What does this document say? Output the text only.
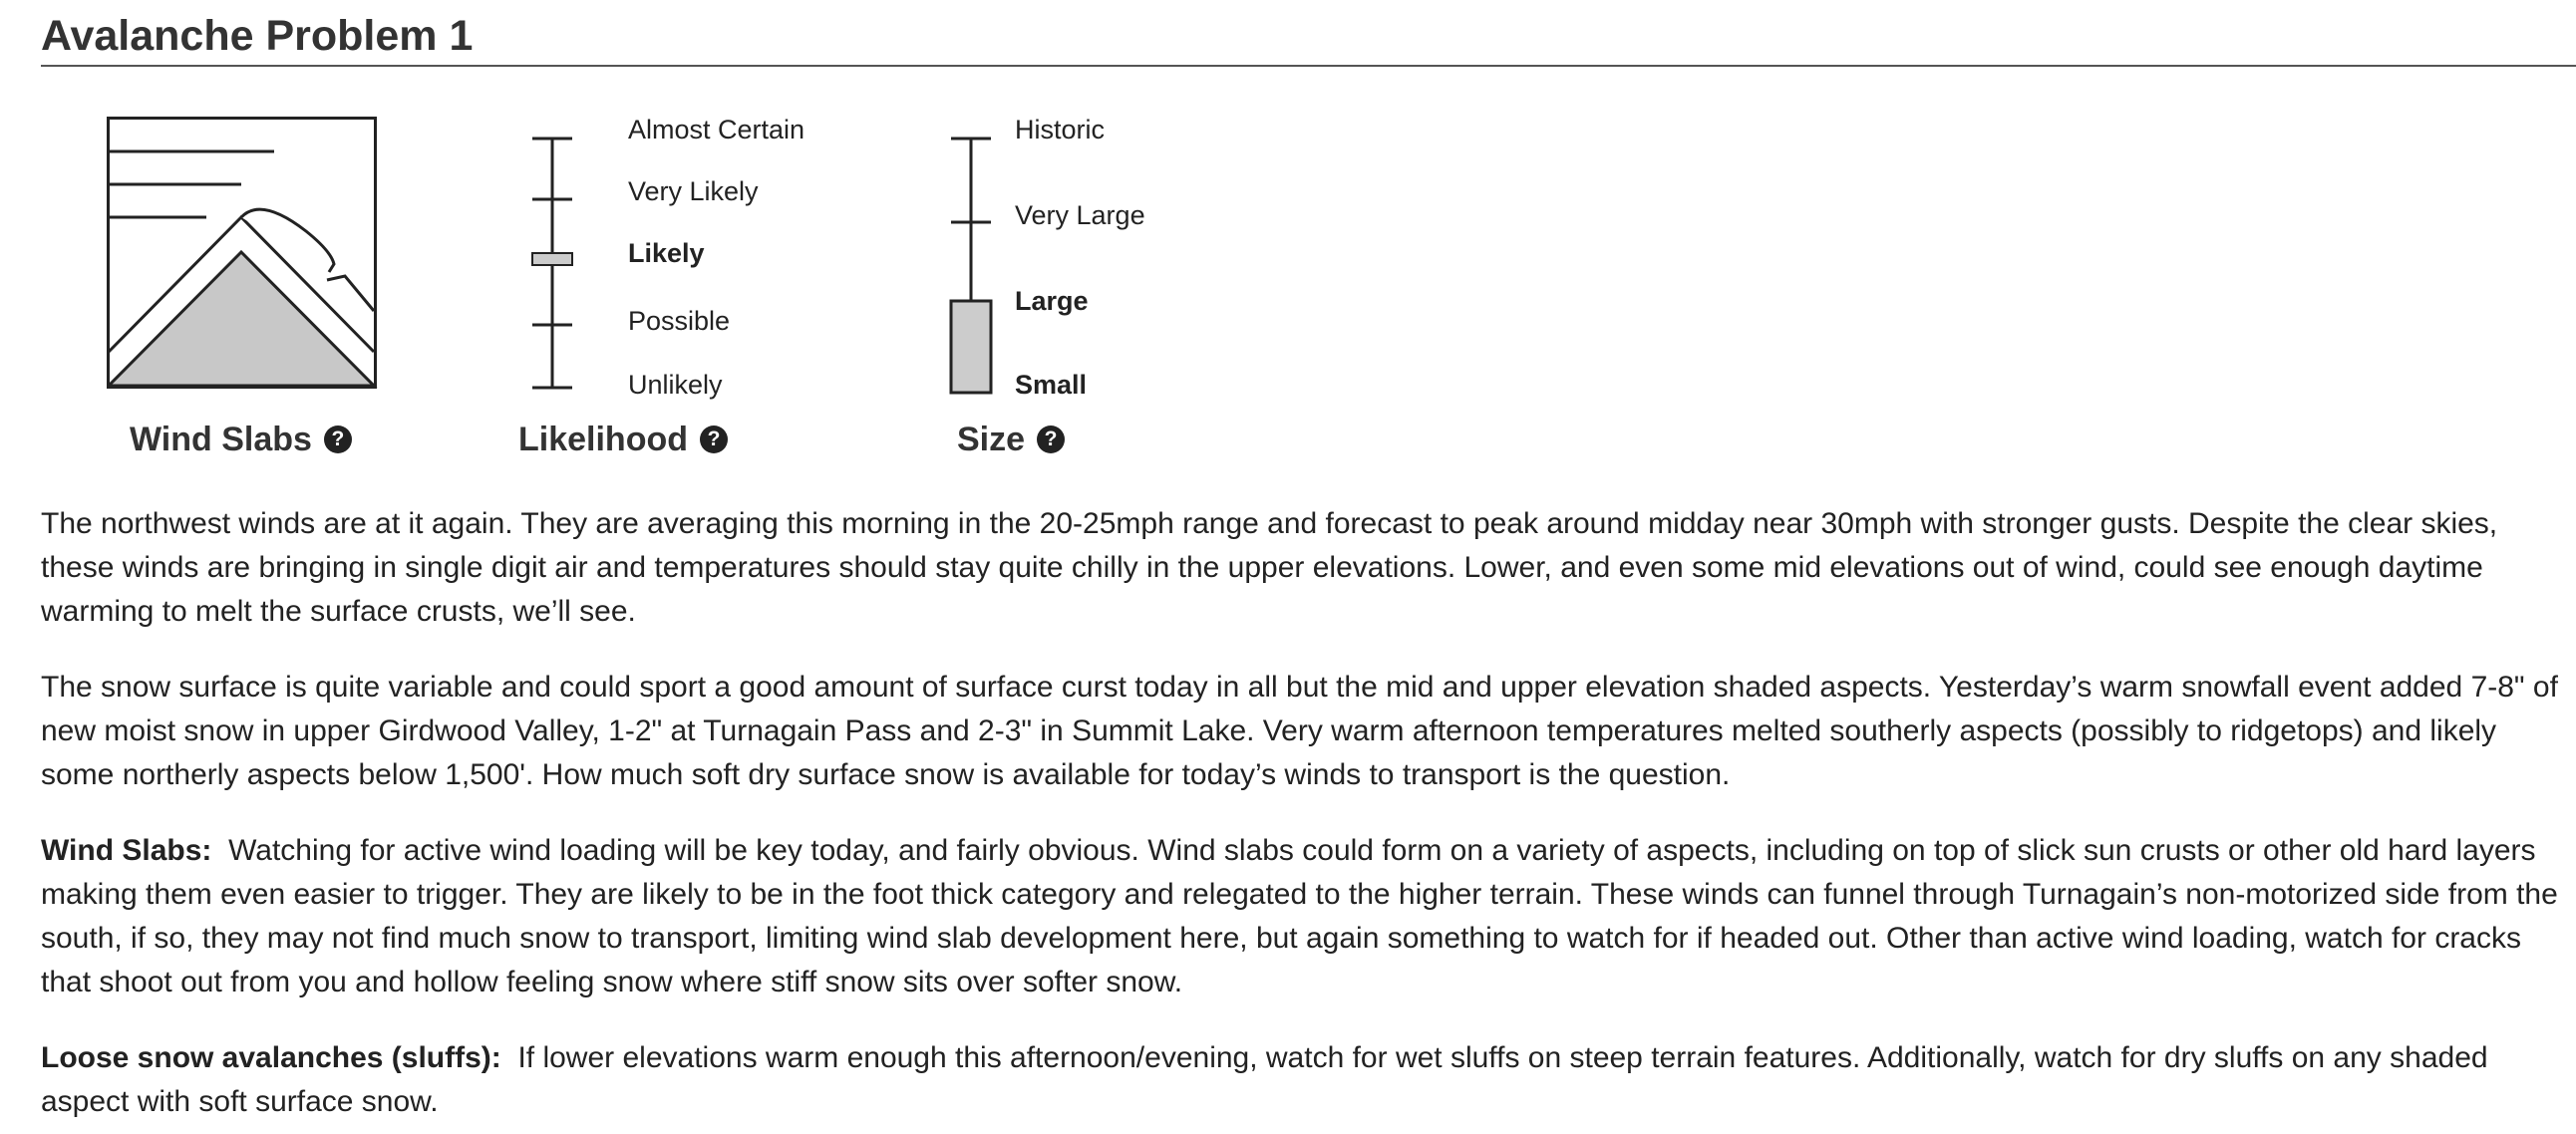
Avalanche Problem 1
Wind Slabs ?
Almost Certain
Very Likely
Likely
Possible
Unlikely
Likelihood ?
Historic
Very Large
Large
Small
Size ?

The northwest winds are at it again. They are averaging this morning in the 20-25mph range and forecast to peak around midday near 30mph with stronger gusts. Despite the clear skies, these winds are bringing in single digit air and temperatures should stay quite chilly in the upper elevations. Lower, and even some mid elevations out of wind, could see enough daytime warming to melt the surface crusts, we’ll see.

The snow surface is quite variable and could sport a good amount of surface curst today in all but the mid and upper elevation shaded aspects. Yesterday’s warm snowfall event added 7-8" of new moist snow in upper Girdwood Valley, 1-2" at Turnagain Pass and 2-3" in Summit Lake. Very warm afternoon temperatures melted southerly aspects (possibly to ridgetops) and likely some northerly aspects below 1,500'. How much soft dry surface snow is available for today’s winds to transport is the question.

Wind Slabs: Watching for active wind loading will be key today, and fairly obvious. Wind slabs could form on a variety of aspects, including on top of slick sun crusts or other old hard layers making them even easier to trigger. They are likely to be in the foot thick category and relegated to the higher terrain. These winds can funnel through Turnagain’s non-motorized side from the south, if so, they may not find much snow to transport, limiting wind slab development here, but again something to watch for if headed out. Other than active wind loading, watch for cracks that shoot out from you and hollow feeling snow where stiff snow sits over softer snow.

Loose snow avalanches (sluffs): If lower elevations warm enough this afternoon/evening, watch for wet sluffs on steep terrain features. Additionally, watch for dry sluffs on any shaded aspect with soft surface snow.
